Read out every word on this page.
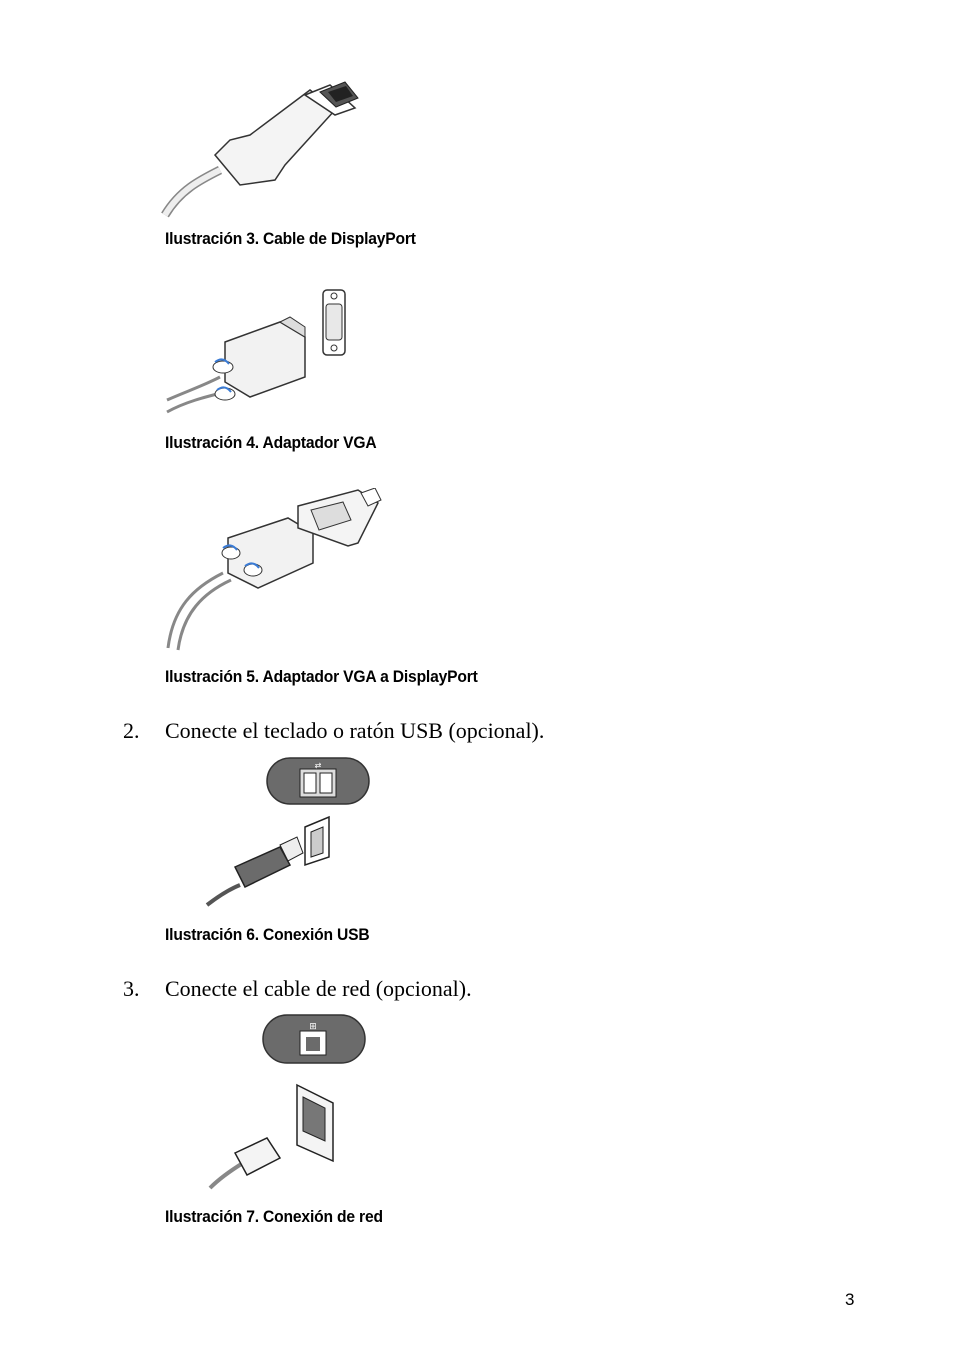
Ilustración 3. Cable de DisplayPort
Ilustración 4. Adaptador VGA
Ilustración 5. Adaptador VGA a DisplayPort
2. Conecte el teclado o ratón USB (opcional).
⇄
Ilustración 6. Conexión USB
3. Conecte el cable de red (opcional).
⊞
Ilustración 7. Conexión de red
3
